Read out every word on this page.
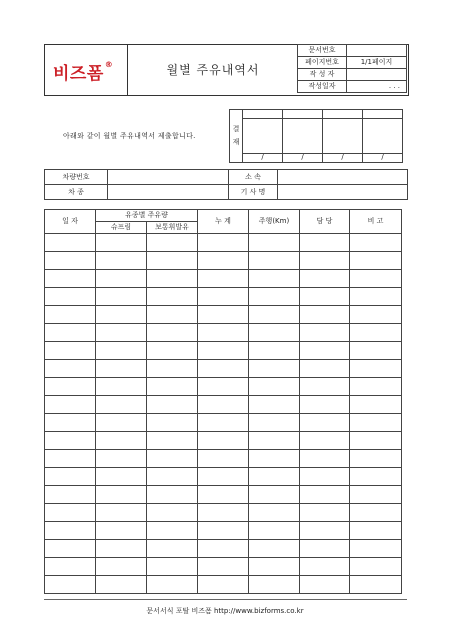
비즈폼®	월별 주유내역서
문서번호	
페이지번호	1/1페이지
작 성 자	
작성일자	. . .
아래와 같이 월별 주유내역서 제출합니다.
결
재				

	/	/	/	/
차량번호		소 속	
차 종		기 사 명	
일 자	유종별 주유량		누 계	주행(Km)	담 당	비 고
	슈프림	보통휘발유				

문서서식 포탈 비즈폼 http://www.bizforms.co.kr
